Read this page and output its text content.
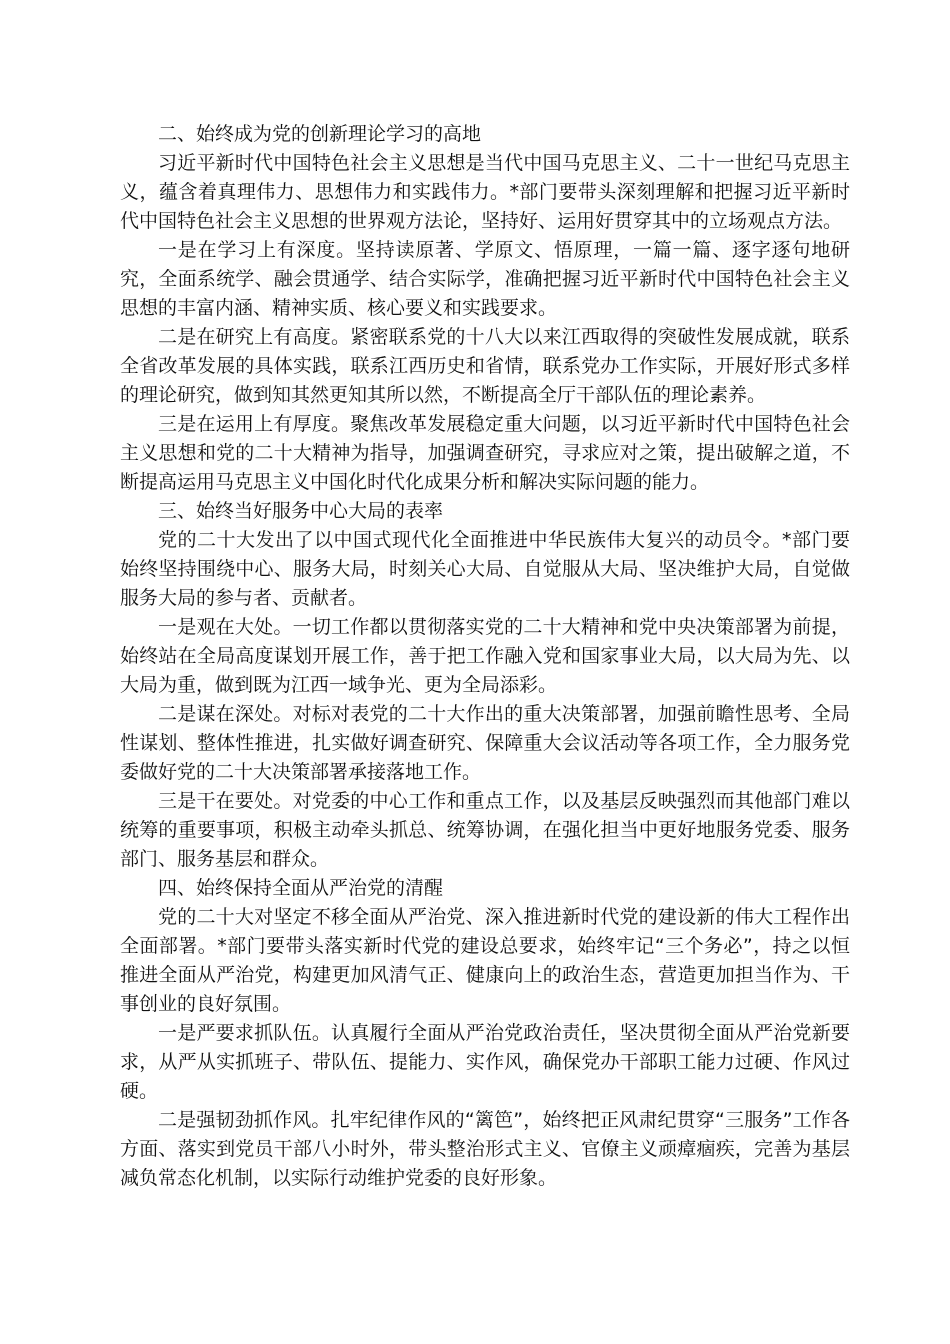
二、始终成为党的创新理论学习的高地

习近平新时代中国特色社会主义思想是当代中国马克思主义、二十一世纪马克思主义，蕴含着真理伟力、思想伟力和实践伟力。*部门要带头深刻理解和把握习近平新时代中国特色社会主义思想的世界观方法论，坚持好、运用好贯穿其中的立场观点方法。

一是在学习上有深度。坚持读原著、学原文、悟原理，一篇一篇、逐字逐句地研究，全面系统学、融会贯通学、结合实际学，准确把握习近平新时代中国特色社会主义思想的丰富内涵、精神实质、核心要义和实践要求。

二是在研究上有高度。紧密联系党的十八大以来江西取得的突破性发展成就，联系全省改革发展的具体实践，联系江西历史和省情，联系党办工作实际，开展好形式多样的理论研究，做到知其然更知其所以然，不断提高全厅干部队伍的理论素养。

三是在运用上有厚度。聚焦改革发展稳定重大问题，以习近平新时代中国特色社会主义思想和党的二十大精神为指导，加强调查研究，寻求应对之策，提出破解之道，不断提高运用马克思主义中国化时代化成果分析和解决实际问题的能力。

三、始终当好服务中心大局的表率

党的二十大发出了以中国式现代化全面推进中华民族伟大复兴的动员令。*部门要始终坚持围绕中心、服务大局，时刻关心大局、自觉服从大局、坚决维护大局，自觉做服务大局的参与者、贡献者。

一是观在大处。一切工作都以贯彻落实党的二十大精神和党中央决策部署为前提，始终站在全局高度谋划开展工作，善于把工作融入党和国家事业大局，以大局为先、以大局为重，做到既为江西一域争光、更为全局添彩。

二是谋在深处。对标对表党的二十大作出的重大决策部署，加强前瞻性思考、全局性谋划、整体性推进，扎实做好调查研究、保障重大会议活动等各项工作，全力服务党委做好党的二十大决策部署承接落地工作。

三是干在要处。对党委的中心工作和重点工作，以及基层反映强烈而其他部门难以统筹的重要事项，积极主动牵头抓总、统筹协调，在强化担当中更好地服务党委、服务部门、服务基层和群众。

四、始终保持全面从严治党的清醒

党的二十大对坚定不移全面从严治党、深入推进新时代党的建设新的伟大工程作出全面部署。*部门要带头落实新时代党的建设总要求，始终牢记“三个务必”，持之以恒推进全面从严治党，构建更加风清气正、健康向上的政治生态，营造更加担当作为、干事创业的良好氛围。

一是严要求抓队伍。认真履行全面从严治党政治责任，坚决贯彻全面从严治党新要求，从严从实抓班子、带队伍、提能力、实作风，确保党办干部职工能力过硬、作风过硬。

二是强韧劲抓作风。扎牢纪律作风的“篱笆”，始终把正风肃纪贯穿“三服务”工作各方面、落实到党员干部八小时外，带头整治形式主义、官僚主义顽瘴痼疾，完善为基层减负常态化机制，以实际行动维护党委的良好形象。
